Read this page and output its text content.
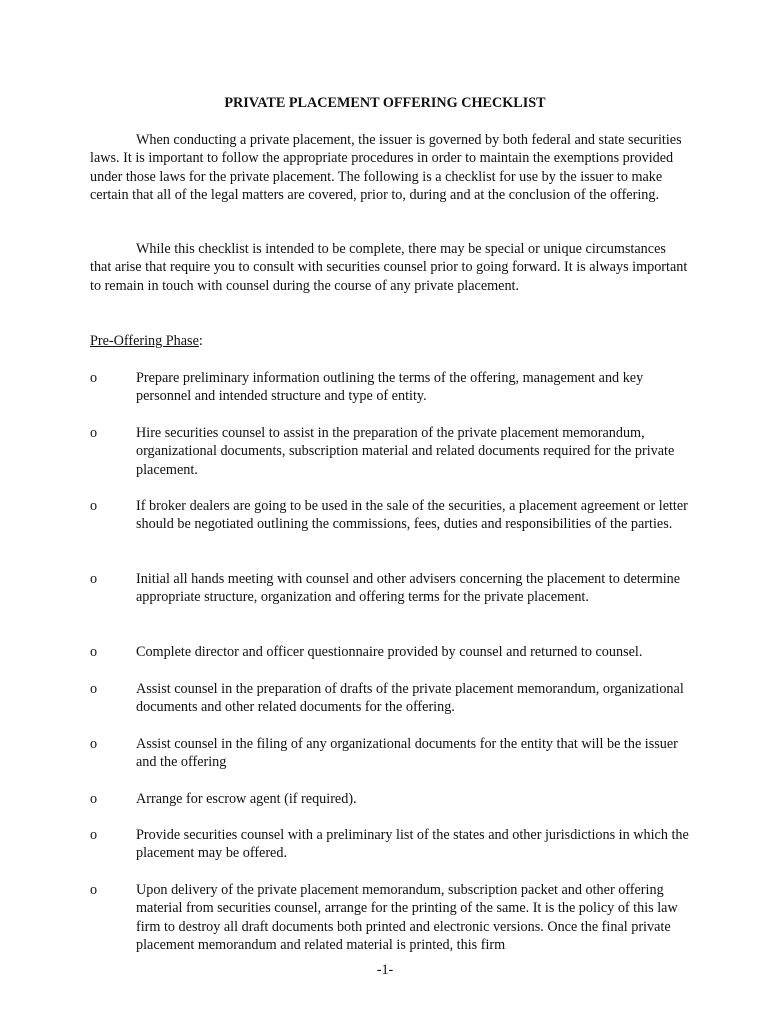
PRIVATE PLACEMENT OFFERING CHECKLIST

When conducting a private placement, the issuer is governed by both federal and state securities laws. It is important to follow the appropriate procedures in order to maintain the exemptions provided under those laws for the private placement. The following is a checklist for use by the issuer to make certain that all of the legal matters are covered, prior to, during and at the conclusion of the offering.

While this checklist is intended to be complete, there may be special or unique circumstances that arise that require you to consult with securities counsel prior to going forward. It is always important to remain in touch with counsel during the course of any private placement.

Pre-Offering Phase:

o	Prepare preliminary information outlining the terms of the offering, management and key personnel and intended structure and type of entity.

o	Hire securities counsel to assist in the preparation of the private placement memorandum, organizational documents, subscription material and related documents required for the private placement.

o	If broker dealers are going to be used in the sale of the securities, a placement agreement or letter should be negotiated outlining the commissions, fees, duties and responsibilities of the parties.

o	Initial all hands meeting with counsel and other advisers concerning the placement to determine appropriate structure, organization and offering terms for the private placement.

o	Complete director and officer questionnaire provided by counsel and returned to counsel.

o	Assist counsel in the preparation of drafts of the private placement memorandum, organizational documents and other related documents for the offering.

o	Assist counsel in the filing of any organizational documents for the entity that will be the issuer and the offering

o	Arrange for escrow agent (if required).

o	Provide securities counsel with a preliminary list of the states and other jurisdictions in which the placement may be offered.

o	Upon delivery of the private placement memorandum, subscription packet and other offering material from securities counsel, arrange for the printing of the same. It is the policy of this law firm to destroy all draft documents both printed and electronic versions. Once the final private placement memorandum and related material is printed, this firm

-1-
